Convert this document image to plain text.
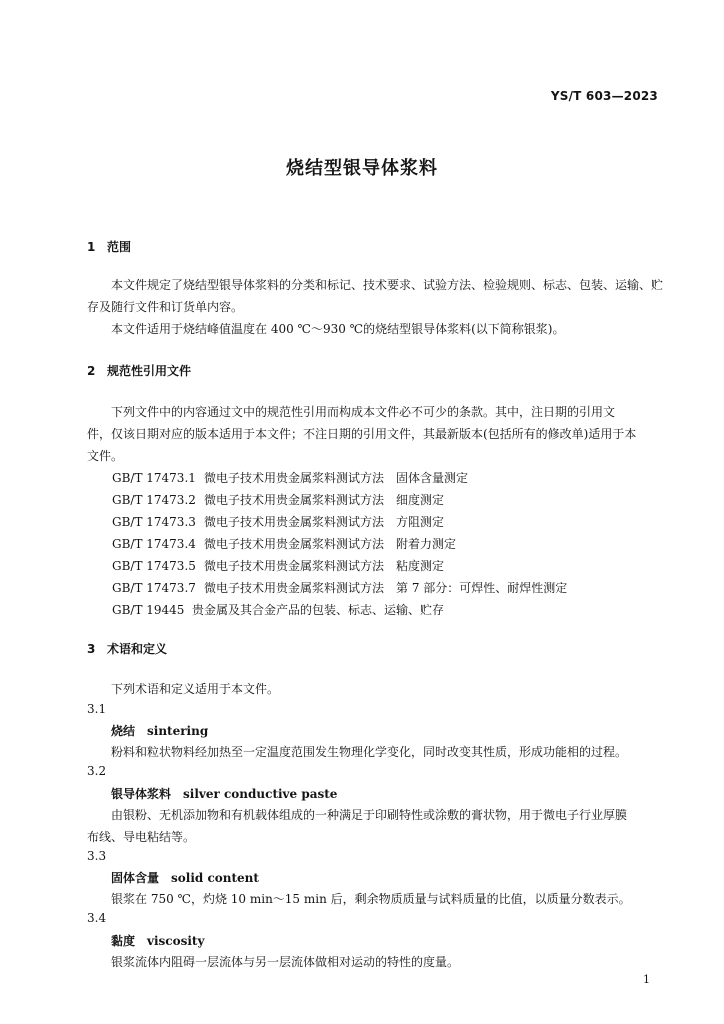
YS/T 603—2023
烧结型银导体浆料
1 范围
本文件规定了烧结型银导体浆料的分类和标记、技术要求、试验方法、检验规则、标志、包装、运输、贮
存及随行文件和订货单内容。
本文件适用于烧结峰值温度在 400 ℃～930 ℃的烧结型银导体浆料(以下简称银浆)。
2 规范性引用文件
下列文件中的内容通过文中的规范性引用而构成本文件必不可少的条款。其中，注日期的引用文
件，仅该日期对应的版本适用于本文件；不注日期的引用文件，其最新版本(包括所有的修改单)适用于本
文件。
GB/T 17473.1 微电子技术用贵金属浆料测试方法　固体含量测定
GB/T 17473.2 微电子技术用贵金属浆料测试方法　细度测定
GB/T 17473.3 微电子技术用贵金属浆料测试方法　方阻测定
GB/T 17473.4 微电子技术用贵金属浆料测试方法　附着力测定
GB/T 17473.5 微电子技术用贵金属浆料测试方法　粘度测定
GB/T 17473.7 微电子技术用贵金属浆料测试方法　第 7 部分：可焊性、耐焊性测定
GB/T 19445 贵金属及其合金产品的包装、标志、运输、贮存
3 术语和定义
下列术语和定义适用于本文件。
3.1
烧结 sintering
粉料和粒状物料经加热至一定温度范围发生物理化学变化，同时改变其性质，形成功能相的过程。
3.2
银导体浆料 silver conductive paste
由银粉、无机添加物和有机载体组成的一种满足于印刷特性或涂敷的膏状物，用于微电子行业厚膜
布线、导电粘结等。
3.3
固体含量 solid content
银浆在 750 ℃，灼烧 10 min～15 min 后，剩余物质质量与试料质量的比值，以质量分数表示。
3.4
黏度 viscosity
银浆流体内阻碍一层流体与另一层流体做相对运动的特性的度量。
1
